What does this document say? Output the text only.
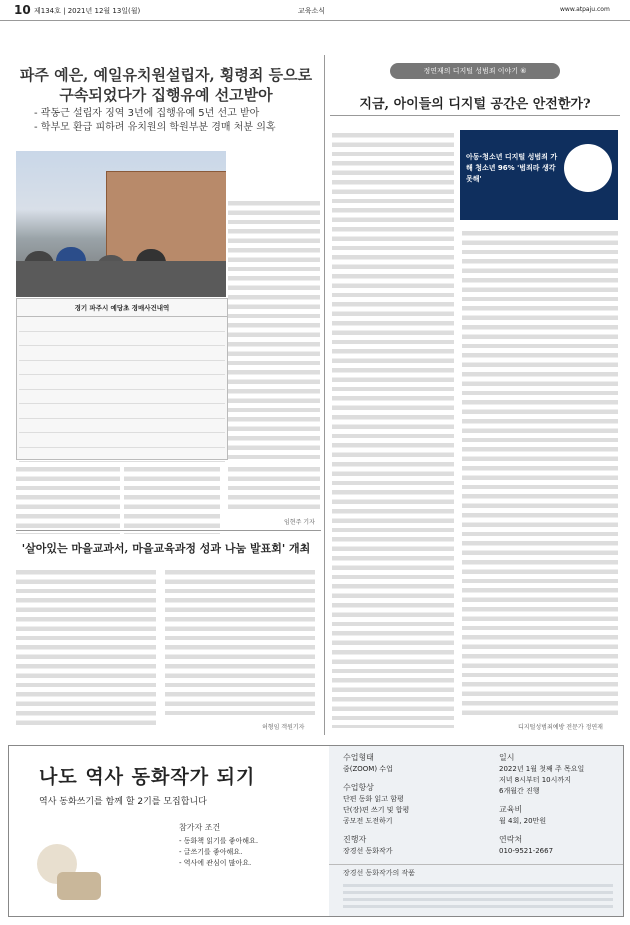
10 제134호 | 2021년 12월 13일(월)	교육소식	www.atpaju.com
파주 예은, 예일유치원설립자, 횡령죄 등으로 구속되었다가 집행유예 선고받아
- 곽동근 설립자 징역 3년에 집행유예 5년 선고 받아
- 학부모 환급 피하려 유치원의 학원부분 경매 처분 의혹
경기 파주시 예당초 경매사건내역
임현주 기자
'살아있는 마을교과서, 마을교육과정 성과 나눔 발표회' 개최
허형임 객원기자
정연재의 디지털 성범죄 이야기 ⑥
지금, 아이들의 디지털 공간은 안전한가?
아동·청소년 디지털 성범죄 가해 청소년 96% '범죄라 생각 못해'
디지털성범죄예방 전문가 정연재
나도 역사 동화작가 되기
역사 동화쓰기를 함께 할 2기를 모집합니다
참가자 조건
- 동화책 읽기를 좋아해요.
- 글쓰기를 좋아해요.
- 역사에 관심이 많아요.
수업형태
줌(ZOOM) 수업
수업항상
단편 동화 읽고 함평
단(장)편 쓰기 및 합평
공모전 도전하기
진행자
장경선 동화작가
일시
2022년 1월 첫째 주 목요일
저녁 8시부터 10시까지
6개월간 진행
교육비
월 4회, 20만원
연락처
010-9521-2667
장경선 동화작가의 작품
